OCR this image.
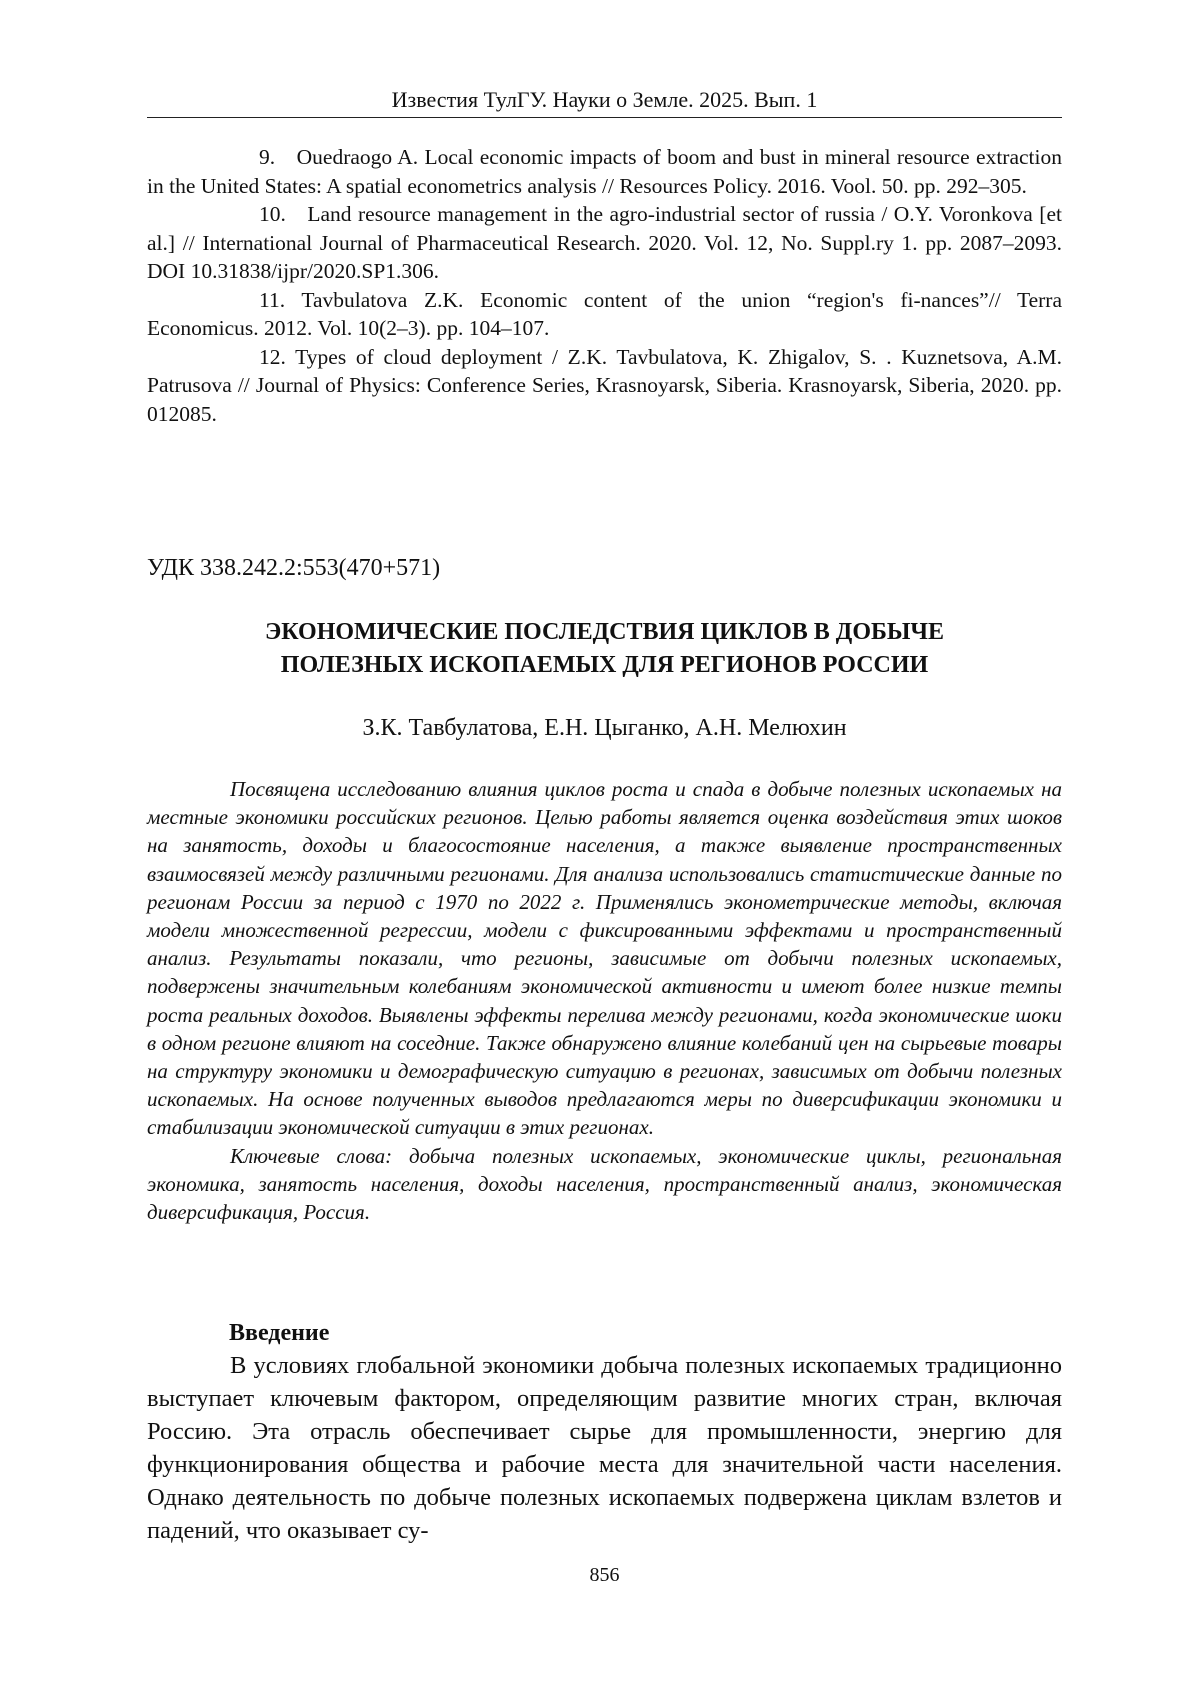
Известия ТулГУ. Науки о Земле. 2025. Вып. 1

9. Ouedraogo A. Local economic impacts of boom and bust in mineral resource extraction in the United States: A spatial econometrics analysis // Resources Policy. 2016. Vool. 50. pp. 292–305.

10. Land resource management in the agro-industrial sector of russia / O.Y. Voronkova [et al.] // International Journal of Pharmaceutical Research. 2020. Vol. 12, No. Suppl.ry 1. pp. 2087–2093. DOI 10.31838/ijpr/2020.SP1.306.

11. Tavbulatova Z.K. Economic content of the union “region's fi-nances”// Terra Economicus. 2012. Vol. 10(2–3). pp. 104–107.

12. Types of cloud deployment / Z.K. Tavbulatova, K. Zhigalov, S. . Kuznetsova, A.M. Patrusova // Journal of Physics: Conference Series, Krasnoyarsk, Siberia. Krasnoyarsk, Siberia, 2020. pp. 012085.

УДК 338.242.2:553(470+571)
ЭКОНОМИЧЕСКИЕ ПОСЛЕДСТВИЯ ЦИКЛОВ В ДОБЫЧЕ
ПОЛЕЗНЫХ ИСКОПАЕМЫХ ДЛЯ РЕГИОНОВ РОССИИ
З.К. Тавбулатова, Е.Н. Цыганко, А.Н. Мелюхин

Посвящена исследованию влияния циклов роста и спада в добыче полезных ископаемых на местные экономики российских регионов. Целью работы является оценка воздействия этих шоков на занятость, доходы и благосостояние населения, а также выявление пространственных взаимосвязей между различными регионами. Для анализа использовались статистические данные по регионам России за период с 1970 по 2022 г. Применялись эконометрические методы, включая модели множественной регрессии, модели с фиксированными эффектами и пространственный анализ. Результаты показали, что регионы, зависимые от добычи полезных ископаемых, подвержены значительным колебаниям экономической активности и имеют более низкие темпы роста реальных доходов. Выявлены эффекты перелива между регионами, когда экономические шоки в одном регионе влияют на соседние. Также обнаружено влияние колебаний цен на сырьевые товары на структуру экономики и демографическую ситуацию в регионах, зависимых от добычи полезных ископаемых. На основе полученных выводов предлагаются меры по диверсификации экономики и стабилизации экономической ситуации в этих регионах.

Ключевые слова: добыча полезных ископаемых, экономические циклы, региональная экономика, занятость населения, доходы населения, пространственный анализ, экономическая диверсификация, Россия.

Введение

В условиях глобальной экономики добыча полезных ископаемых традиционно выступает ключевым фактором, определяющим развитие многих стран, включая Россию. Эта отрасль обеспечивает сырье для промышленности, энергию для функционирования общества и рабочие места для значительной части населения. Однако деятельность по добыче полезных ископаемых подвержена циклам взлетов и падений, что оказывает су-

856
